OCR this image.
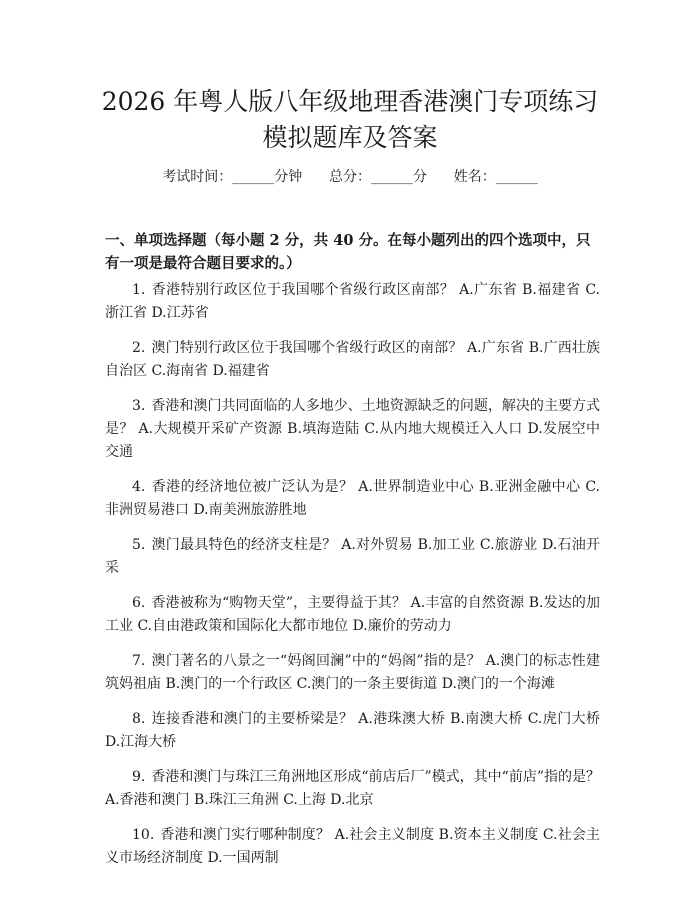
2026 年粤人版八年级地理香港澳门专项练习
模拟题库及答案
考试时间：______分钟      总分：______分      姓名：______
一、单项选择题（每小题 2 分，共 40 分。在每小题列出的四个选项中，只有一项是最符合题目要求的。）

1. 香港特别行政区位于我国哪个省级行政区南部？ A.广东省 B.福建省 C.浙江省 D.江苏省

2. 澳门特别行政区位于我国哪个省级行政区的南部？ A.广东省 B.广西壮族自治区 C.海南省 D.福建省

3. 香港和澳门共同面临的人多地少、土地资源缺乏的问题，解决的主要方式是？ A.大规模开采矿产资源 B.填海造陆 C.从内地大规模迁入人口 D.发展空中交通

4. 香港的经济地位被广泛认为是？ A.世界制造业中心 B.亚洲金融中心 C.非洲贸易港口 D.南美洲旅游胜地

5. 澳门最具特色的经济支柱是？ A.对外贸易 B.加工业 C.旅游业 D.石油开采

6. 香港被称为“购物天堂”，主要得益于其？ A.丰富的自然资源 B.发达的加工业 C.自由港政策和国际化大都市地位 D.廉价的劳动力

7. 澳门著名的八景之一“妈阁回澜”中的“妈阁”指的是？ A.澳门的标志性建筑妈祖庙 B.澳门的一个行政区 C.澳门的一条主要街道 D.澳门的一个海滩

8. 连接香港和澳门的主要桥梁是？ A.港珠澳大桥 B.南澳大桥 C.虎门大桥 D.江海大桥

9. 香港和澳门与珠江三角洲地区形成“前店后厂”模式，其中“前店”指的是？ A.香港和澳门 B.珠江三角洲 C.上海 D.北京

10. 香港和澳门实行哪种制度？ A.社会主义制度 B.资本主义制度 C.社会主义市场经济制度 D.一国两制
